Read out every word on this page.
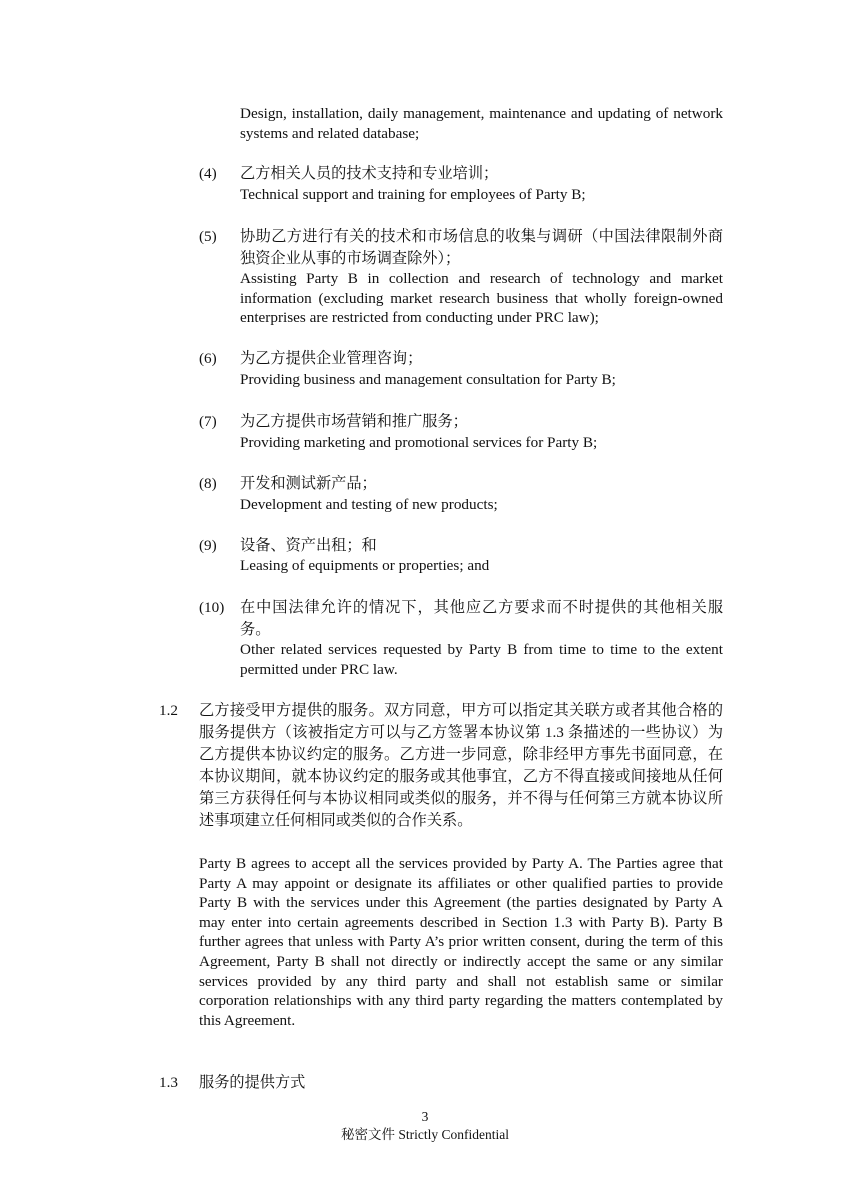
Design, installation, daily management, maintenance and updating of network systems and related database;

(4) 乙方相关人员的技术支持和专业培训；

Technical support and training for employees of Party B;

(5) 协助乙方进行有关的技术和市场信息的收集与调研（中国法律限制外商独资企业从事的市场调查除外）；

Assisting Party B in collection and research of technology and market information (excluding market research business that wholly foreign-owned enterprises are restricted from conducting under PRC law);

(6) 为乙方提供企业管理咨询；

Providing business and management consultation for Party B;

(7) 为乙方提供市场营销和推广服务；

Providing marketing and promotional services for Party B;

(8) 开发和测试新产品；

Development and testing of new products;

(9) 设备、资产出租；和

Leasing of equipments or properties; and

(10) 在中国法律允许的情况下，其他应乙方要求而不时提供的其他相关服务。

Other related services requested by Party B from time to time to the extent permitted under PRC law.

1.2 乙方接受甲方提供的服务。双方同意，甲方可以指定其关联方或者其他合格的服务提供方（该被指定方可以与乙方签署本协议第 1.3 条描述的一些协议）为乙方提供本协议约定的服务。乙方进一步同意，除非经甲方事先书面同意，在本协议期间，就本协议约定的服务或其他事宜，乙方不得直接或间接地从任何第三方获得任何与本协议相同或类似的服务，并不得与任何第三方就本协议所述事项建立任何相同或类似的合作关系。

Party B agrees to accept all the services provided by Party A. The Parties agree that Party A may appoint or designate its affiliates or other qualified parties to provide Party B with the services under this Agreement (the parties designated by Party A may enter into certain agreements described in Section 1.3 with Party B). Party B further agrees that unless with Party A’s prior written consent, during the term of this Agreement, Party B shall not directly or indirectly accept the same or any similar services provided by any third party and shall not establish same or similar corporation relationships with any third party regarding the matters contemplated by this Agreement.

1.3 服务的提供方式

3
秘密文件 Strictly Confidential
